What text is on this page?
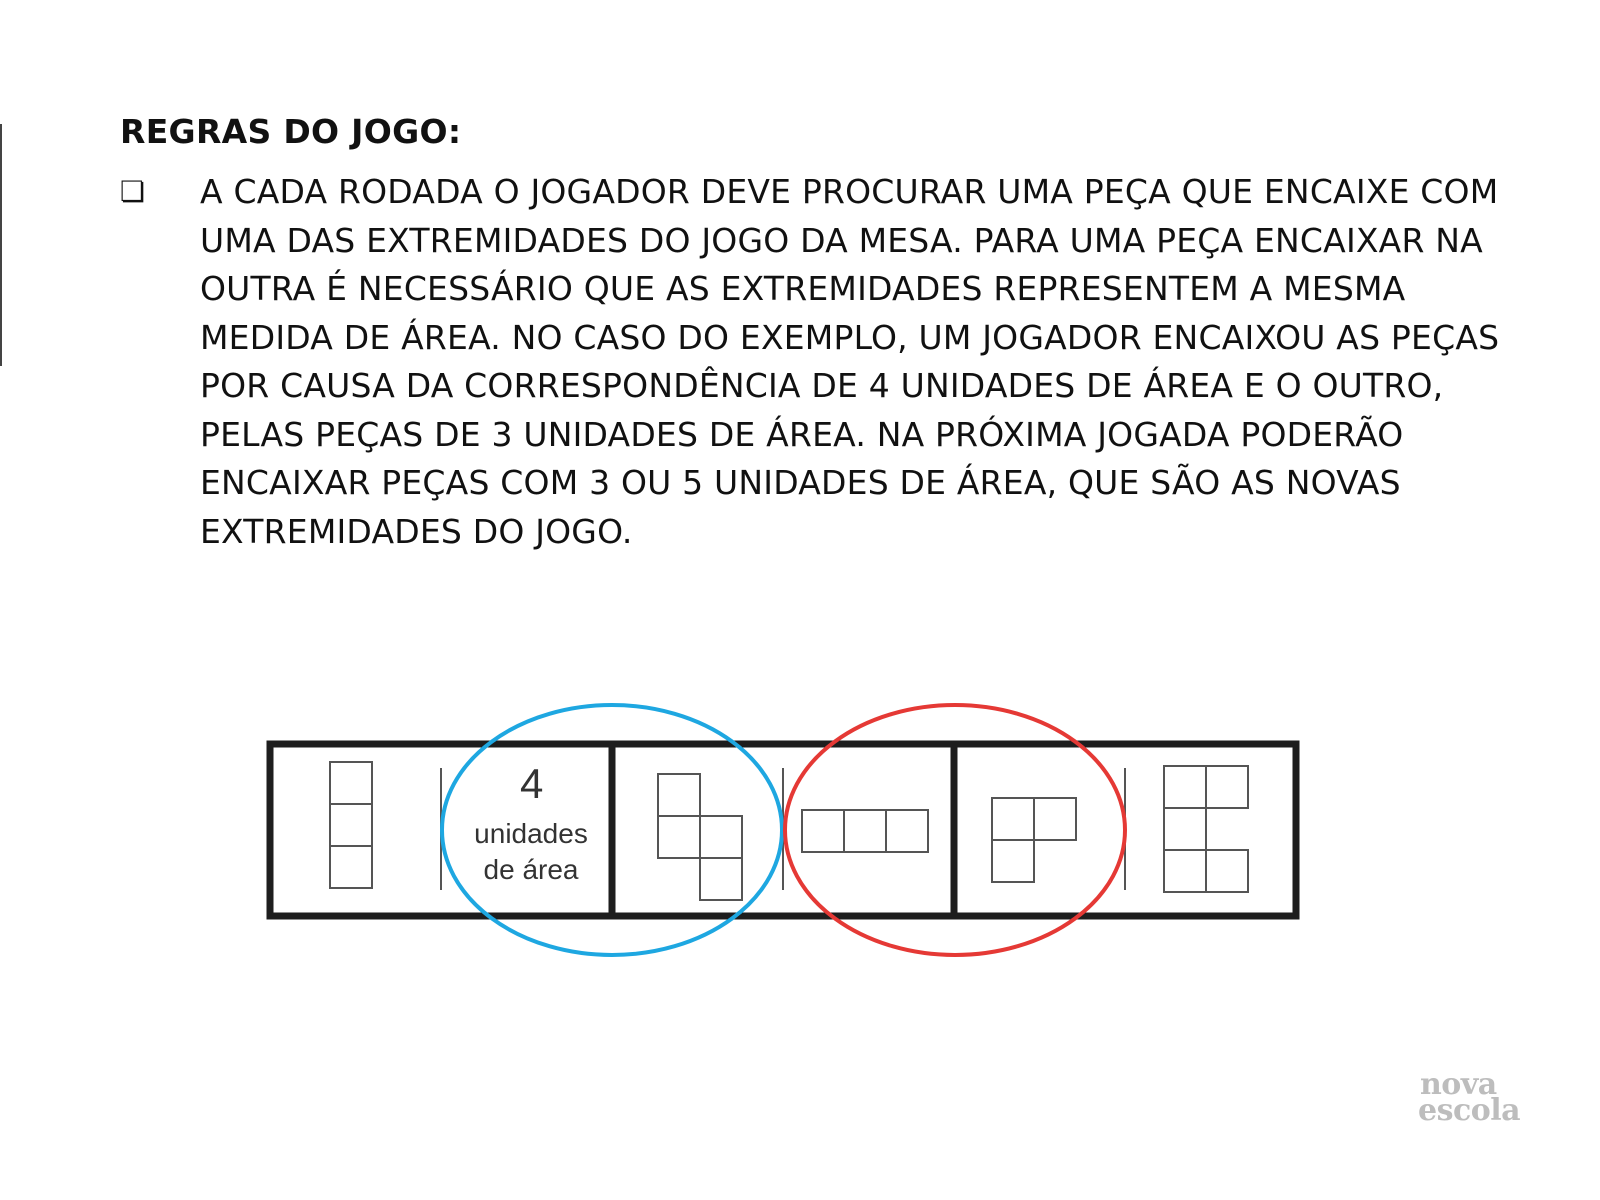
REGRAS DO JOGO:
❏	A CADA RODADA O JOGADOR DEVE PROCURAR UMA PEÇA QUE ENCAIXE COM UMA DAS EXTREMIDADES DO JOGO DA MESA. PARA UMA PEÇA ENCAIXAR NA OUTRA É NECESSÁRIO QUE AS EXTREMIDADES REPRESENTEM A MESMA MEDIDA DE ÁREA. NO CASO DO EXEMPLO, UM JOGADOR ENCAIXOU AS PEÇAS POR CAUSA DA CORRESPONDÊNCIA DE 4 UNIDADES DE ÁREA E O OUTRO, PELAS PEÇAS DE 3 UNIDADES DE ÁREA. NA PRÓXIMA JOGADA PODERÃO ENCAIXAR PEÇAS COM 3 OU 5 UNIDADES DE ÁREA, QUE SÃO AS NOVAS EXTREMIDADES DO JOGO.
4
unidades
de área
nova
escola
